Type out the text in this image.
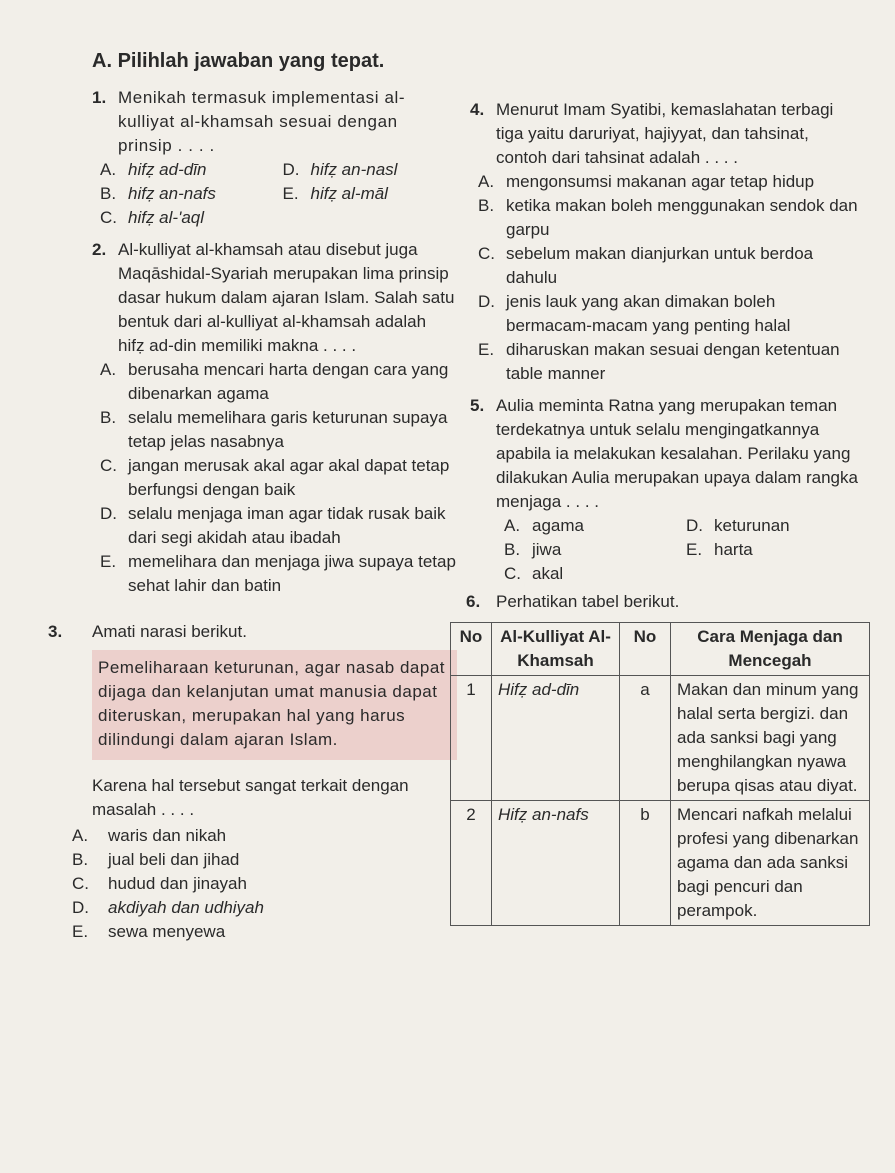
A. Pilihlah jawaban yang tepat.
1. Menikah termasuk implementasi al-kulliyat al-khamsah sesuai dengan prinsip . . . .
A. hifẓ ad-dīn	D. hifẓ an-nasl
B. hifẓ an-nafs	E. hifẓ al-māl
C. hifẓ al-'aql
2. Al-kulliyat al-khamsah atau disebut juga Maqāshidal-Syariah merupakan lima prinsip dasar hukum dalam ajaran Islam. Salah satu bentuk dari al-kulliyat al-khamsah adalah hifẓ ad-din memiliki makna . . . .
A. berusaha mencari harta dengan cara yang dibenarkan agama
B. selalu memelihara garis keturunan supaya tetap jelas nasabnya
C. jangan merusak akal agar akal dapat tetap berfungsi dengan baik
D. selalu menjaga iman agar tidak rusak baik dari segi akidah atau ibadah
E. memelihara dan menjaga jiwa supaya tetap sehat lahir dan batin
3.	Amati narasi berikut.
Pemeliharaan keturunan, agar nasab dapat dijaga dan kelanjutan umat manusia dapat diteruskan, merupakan hal yang harus dilindungi dalam ajaran Islam.
Karena hal tersebut sangat terkait dengan masalah . . . .
A.	waris dan nikah
B.	jual beli dan jihad
C.	hudud dan jinayah
D.	akdiyah dan udhiyah
E.	sewa menyewa
4. Menurut Imam Syatibi, kemaslahatan terbagi tiga yaitu daruriyat, hajiyyat, dan tahsinat, contoh dari tahsinat adalah . . . .
A. mengonsumsi makanan agar tetap hidup
B. ketika makan boleh menggunakan sendok dan garpu
C. sebelum makan dianjurkan untuk berdoa dahulu
D. jenis lauk yang akan dimakan boleh bermacam-macam yang penting halal
E. diharuskan makan sesuai dengan ketentuan table manner
5. Aulia meminta Ratna yang merupakan teman terdekatnya untuk selalu mengingatkannya apabila ia melakukan kesalahan. Perilaku yang dilakukan Aulia merupakan upaya dalam rangka menjaga . . . .
A. agama	D. keturunan
B. jiwa	E. harta
C. akal
6. Perhatikan tabel berikut.
No	Al-Kulliyat Al-Khamsah	No	Cara Menjaga dan Mencegah
1	Hifẓ ad-dīn	a	Makan dan minum yang halal serta bergizi. dan ada sanksi bagi yang menghilangkan nyawa berupa qisas atau diyat.
2	Hifẓ an-nafs	b	Mencari nafkah melalui profesi yang dibenarkan agama dan ada sanksi bagi pencuri dan perampok.
